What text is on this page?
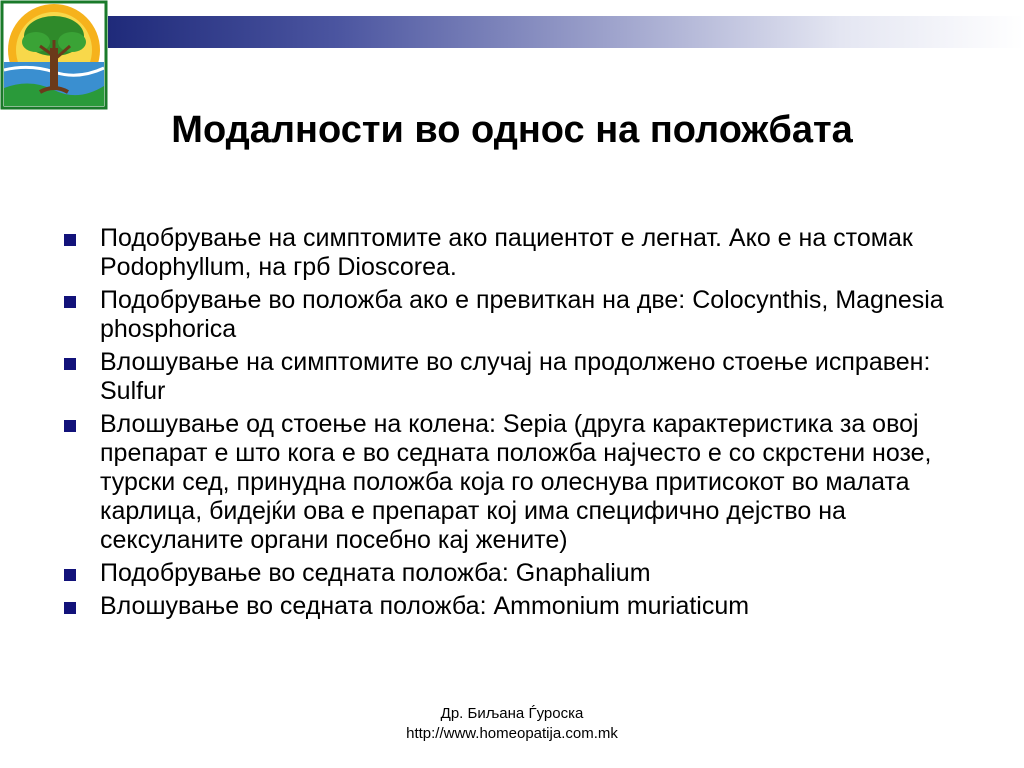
Модалности во однос на положбата
Подобрување на симптомите ако пациентот е легнат. Ако е на стомак Podophyllum, на грб Dioscorea.
Подобрување во положба ако е превиткан на две: Colocynthis, Magnesia phosphorica
Влошување на симптомите во случај на продолжено стоење исправен: Sulfur
Влошување од стоење на колена: Sepia (друга карактеристика за овој препарат е што кога е во седната положба најчесто е со скрстени нозе, турски сед, принудна положба која го олеснува притисокот во малата карлица, бидејќи ова е препарат кој има специфично дејство на сексуланите органи посебно кај жените)
Подобрување во седната положба: Gnaphalium
Влошување во седната положба: Ammonium muriaticum
Др. Биљана Ѓуроска
http://www.homeopatija.com.mk
